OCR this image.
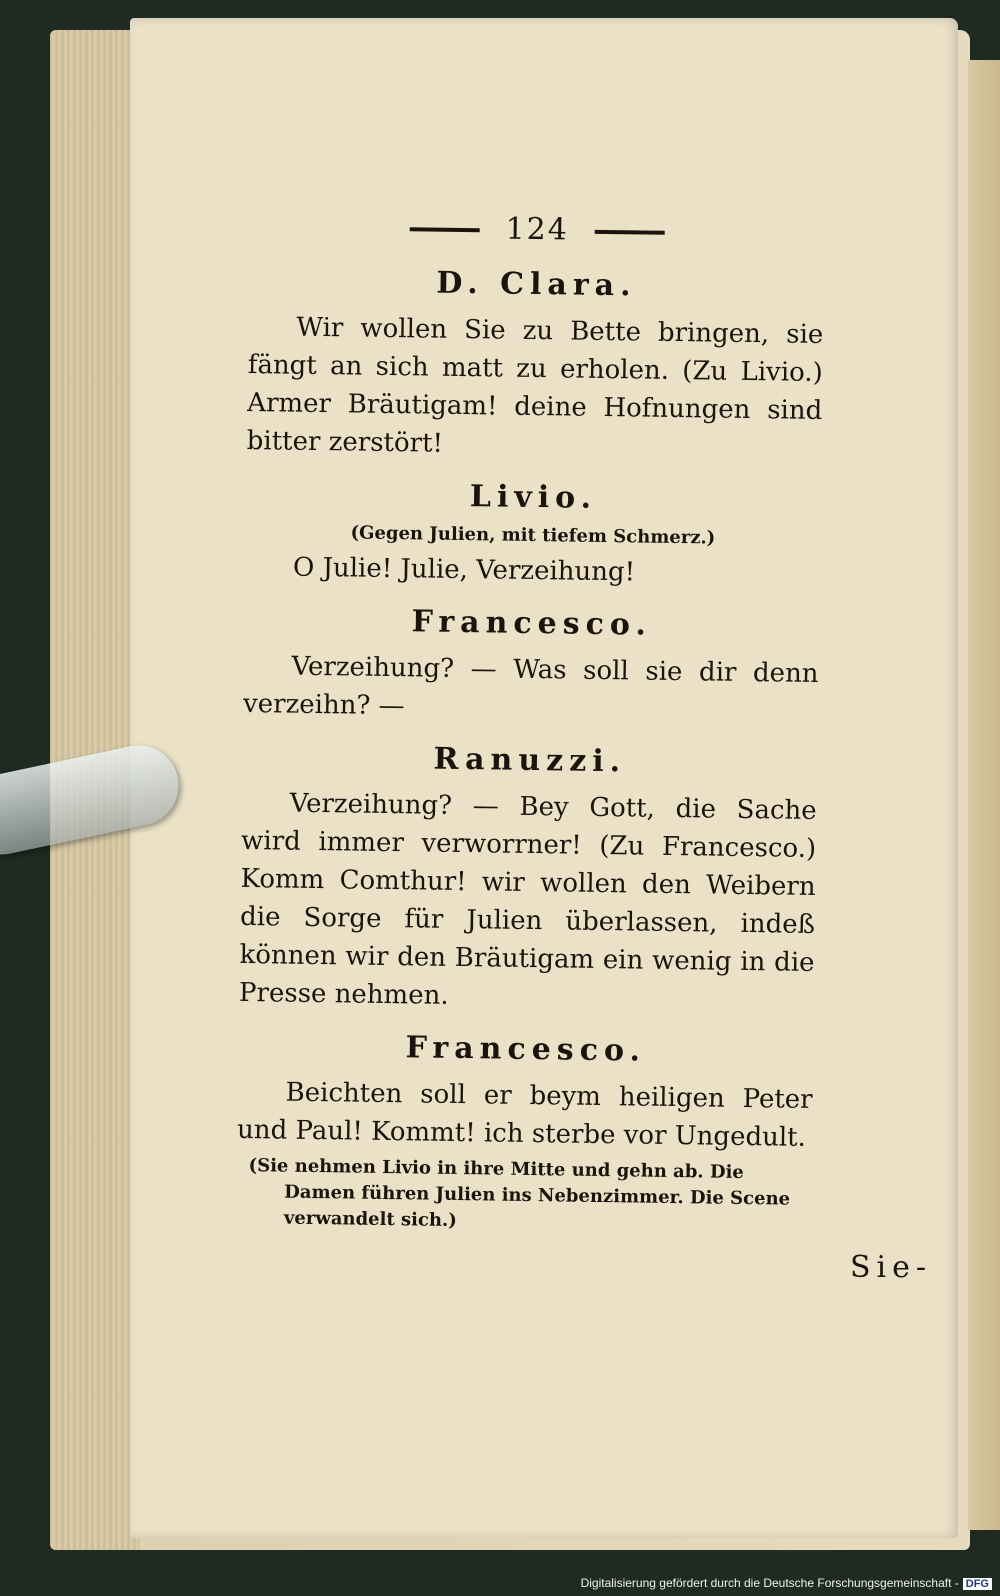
124
D. Clara.

Wir wollen Sie zu Bette bringen, sie fängt an sich matt zu erholen. (Zu Livio.) Armer Bräutigam! deine Hofnungen sind bitter zerstört!

Livio.
(Gegen Julien, mit tiefem Schmerz.)

O Julie! Julie, Verzeihung!

Francesco.

Verzeihung? — Was soll sie dir denn verzeihn? —

Ranuzzi.

Verzeihung? — Bey Gott, die Sache wird immer verworrner! (Zu Francesco.) Komm Comthur! wir wollen den Weibern die Sorge für Julien überlassen, indeß können wir den Bräutigam ein wenig in die Presse nehmen.

Francesco.

Beichten soll er beym heiligen Peter und Paul! Kommt! ich sterbe vor Ungedult.

(Sie nehmen Livio in ihre Mitte und gehn ab. Die Damen führen Julien ins Nebenzimmer. Die Scene verwandelt sich.)
Sie-
Digitalisierung gefördert durch die Deutsche Forschungsgemeinschaft - DFG
